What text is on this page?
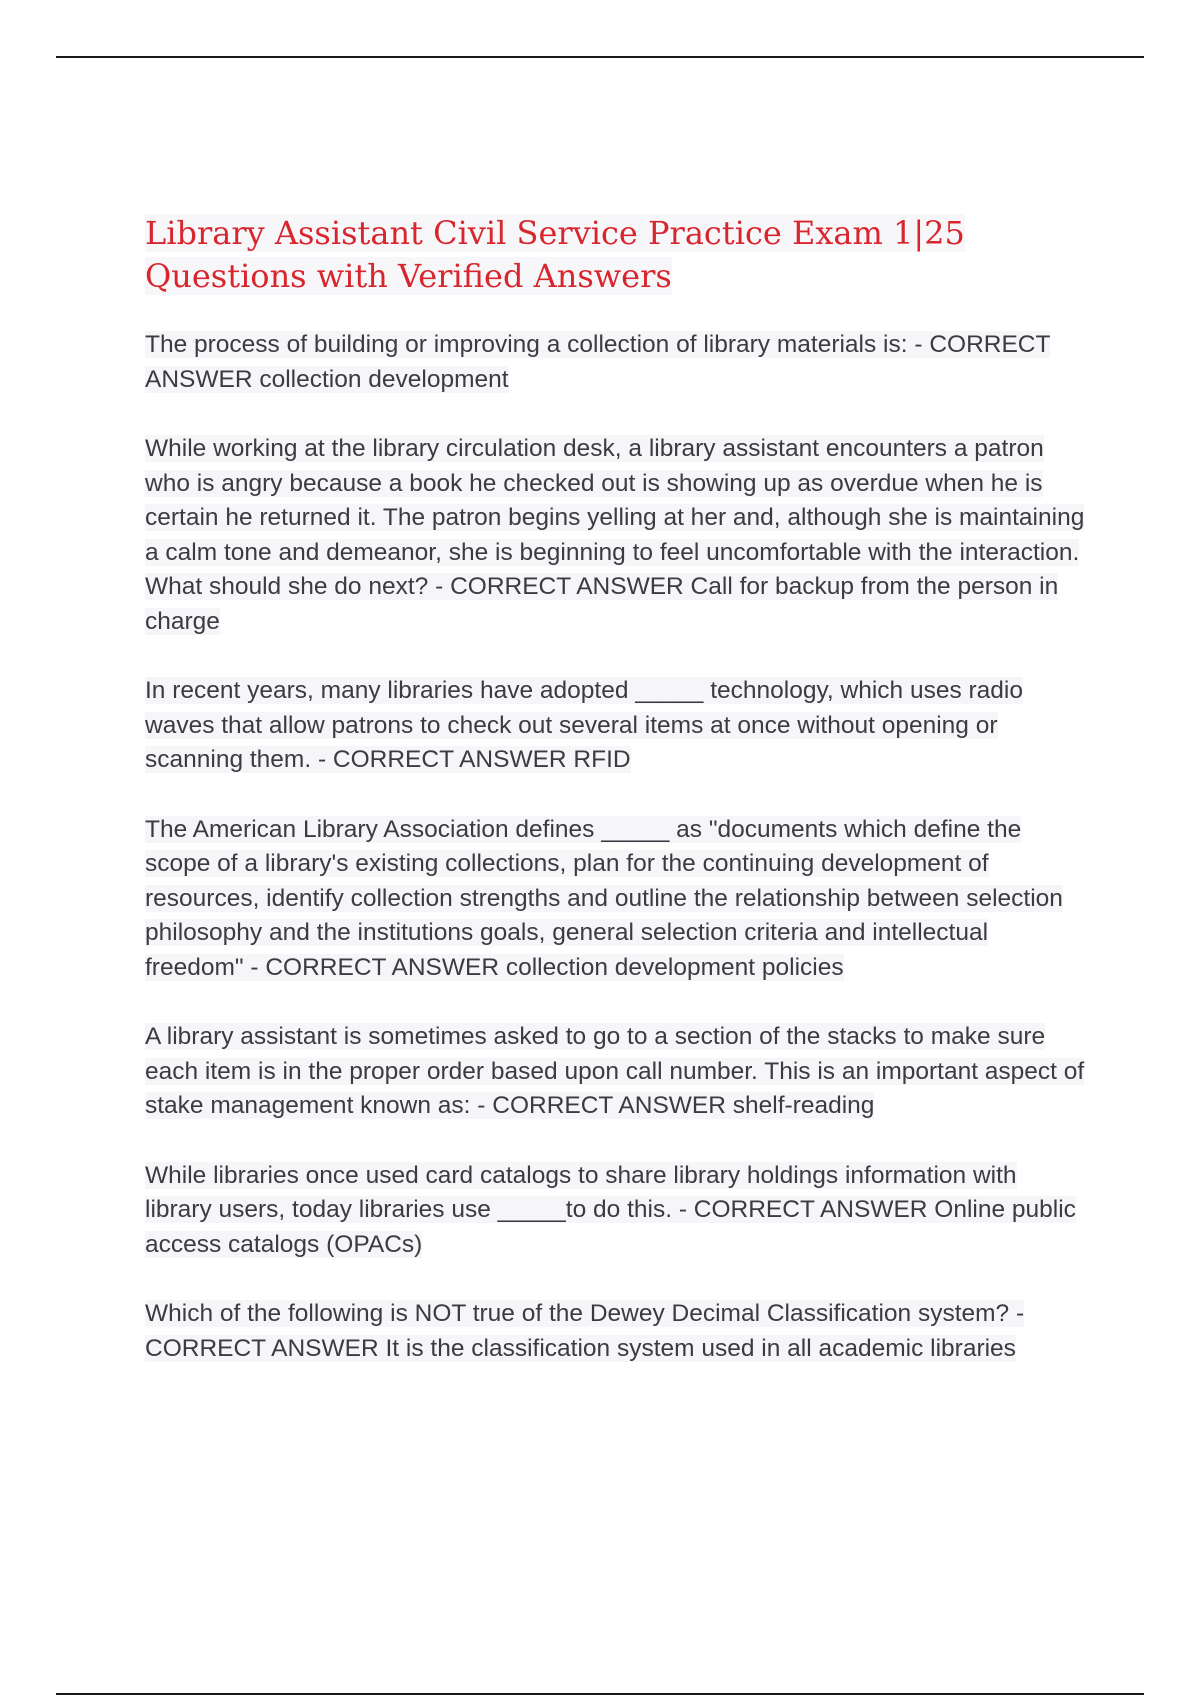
Library Assistant Civil Service Practice Exam 1|25 Questions with Verified Answers

The process of building or improving a collection of library materials is: - CORRECT ANSWER collection development

While working at the library circulation desk, a library assistant encounters a patron who is angry because a book he checked out is showing up as overdue when he is certain he returned it. The patron begins yelling at her and, although she is maintaining a calm tone and demeanor, she is beginning to feel uncomfortable with the interaction. What should she do next? - CORRECT ANSWER Call for backup from the person in charge

In recent years, many libraries have adopted _____ technology, which uses radio waves that allow patrons to check out several items at once without opening or scanning them. - CORRECT ANSWER RFID

The American Library Association defines _____ as "documents which define the scope of a library's existing collections, plan for the continuing development of resources, identify collection strengths and outline the relationship between selection philosophy and the institutions goals, general selection criteria and intellectual freedom" - CORRECT ANSWER collection development policies

A library assistant is sometimes asked to go to a section of the stacks to make sure each item is in the proper order based upon call number. This is an important aspect of stake management known as: - CORRECT ANSWER shelf-reading

While libraries once used card catalogs to share library holdings information with library users, today libraries use _____to do this. - CORRECT ANSWER Online public access catalogs (OPACs)

Which of the following is NOT true of the Dewey Decimal Classification system? - CORRECT ANSWER It is the classification system used in all academic libraries
